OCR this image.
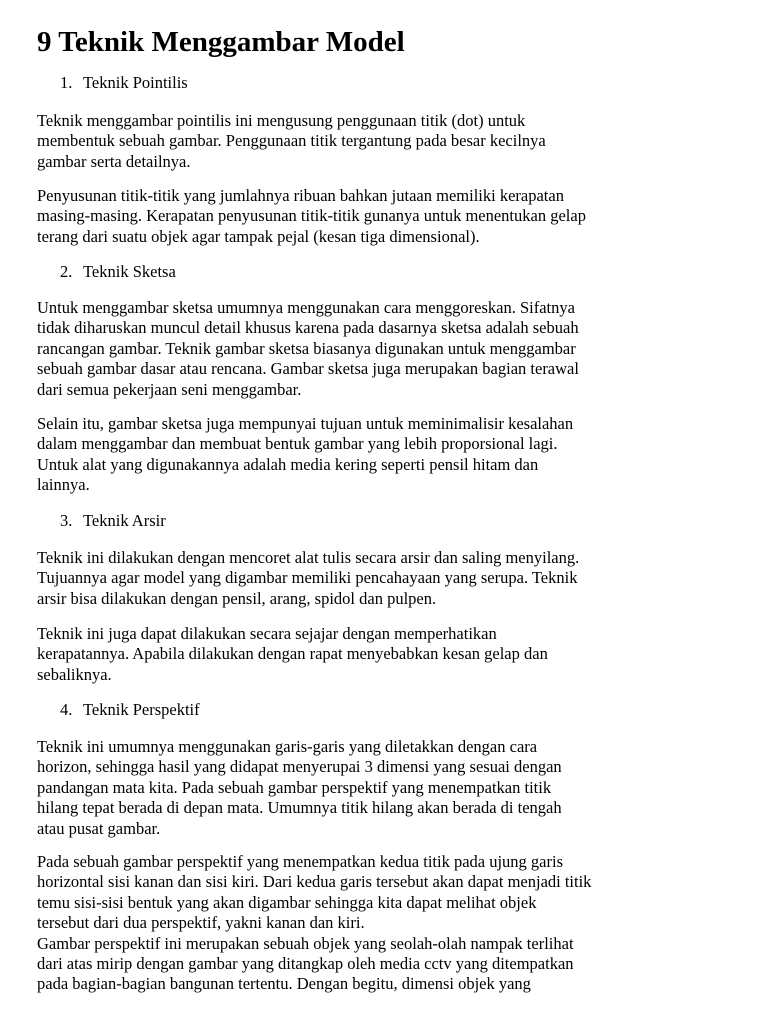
9 Teknik Menggambar Model
1. Teknik Pointilis
Teknik menggambar pointilis ini mengusung penggunaan titik (dot) untuk
membentuk sebuah gambar. Penggunaan titik tergantung pada besar kecilnya
gambar serta detailnya.
Penyusunan titik-titik yang jumlahnya ribuan bahkan jutaan memiliki kerapatan
masing-masing. Kerapatan penyusunan titik-titik gunanya untuk menentukan gelap
terang dari suatu objek agar tampak pejal (kesan tiga dimensional).
2. Teknik Sketsa
Untuk menggambar sketsa umumnya menggunakan cara menggoreskan. Sifatnya
tidak diharuskan muncul detail khusus karena pada dasarnya sketsa adalah sebuah
rancangan gambar. Teknik gambar sketsa biasanya digunakan untuk menggambar
sebuah gambar dasar atau rencana. Gambar sketsa juga merupakan bagian terawal
dari semua pekerjaan seni menggambar.
Selain itu, gambar sketsa juga mempunyai tujuan untuk meminimalisir kesalahan
dalam menggambar dan membuat bentuk gambar yang lebih proporsional lagi.
Untuk alat yang digunakannya adalah media kering seperti pensil hitam dan
lainnya.
3. Teknik Arsir
Teknik ini dilakukan dengan mencoret alat tulis secara arsir dan saling menyilang.
Tujuannya agar model yang digambar memiliki pencahayaan yang serupa. Teknik
arsir bisa dilakukan dengan pensil, arang, spidol dan pulpen.
Teknik ini juga dapat dilakukan secara sejajar dengan memperhatikan
kerapatannya. Apabila dilakukan dengan rapat menyebabkan kesan gelap dan
sebaliknya.
4. Teknik Perspektif
Teknik ini umumnya menggunakan garis-garis yang diletakkan dengan cara
horizon, sehingga hasil yang didapat menyerupai 3 dimensi yang sesuai dengan
pandangan mata kita. Pada sebuah gambar perspektif yang menempatkan titik
hilang tepat berada di depan mata. Umumnya titik hilang akan berada di tengah
atau pusat gambar.
Pada sebuah gambar perspektif yang menempatkan kedua titik pada ujung garis
horizontal sisi kanan dan sisi kiri. Dari kedua garis tersebut akan dapat menjadi titik
temu sisi-sisi bentuk yang akan digambar sehingga kita dapat melihat objek
tersebut dari dua perspektif, yakni kanan dan kiri.
Gambar perspektif ini merupakan sebuah objek yang seolah-olah nampak terlihat
dari atas mirip dengan gambar yang ditangkap oleh media cctv yang ditempatkan
pada bagian-bagian bangunan tertentu. Dengan begitu, dimensi objek yang
